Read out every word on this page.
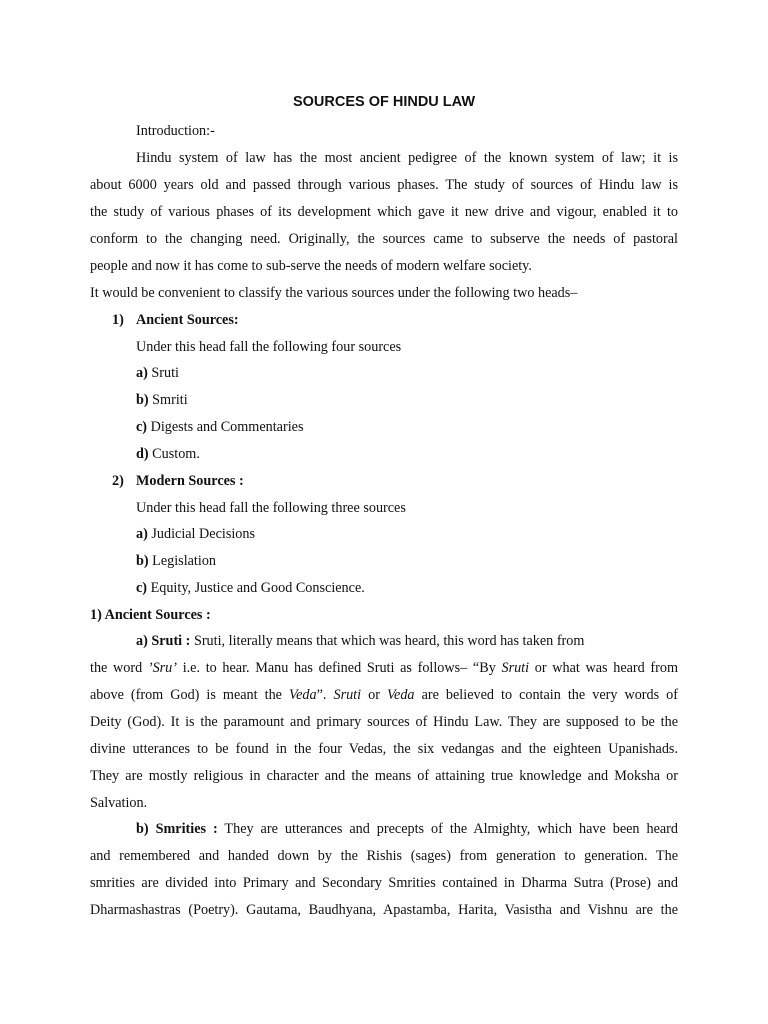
SOURCES OF HINDU LAW
Introduction:-
Hindu system of law has the most ancient pedigree of the known system of law; it is
about 6000 years old and passed through various phases. The study of sources of Hindu law is
the study of various phases of its development which gave it new drive and vigour, enabled it to
conform to the changing need. Originally, the sources came to subserve the needs of pastoral
people and now it has come to sub-serve the needs of modern welfare society.
It would be convenient to classify the various sources under the following two heads–
1) Ancient Sources:
Under this head fall the following four sources
a) Sruti
b) Smriti
c) Digests and Commentaries
d) Custom.
2) Modern Sources :
Under this head fall the following three sources
a) Judicial Decisions
b) Legislation
c) Equity, Justice and Good Conscience.
1) Ancient Sources :
a) Sruti : Sruti, literally means that which was heard, this word has taken from
the word ’Sru’ i.e. to hear. Manu has defined Sruti as follows– “By Sruti or what was heard from
above (from God) is meant the Veda”. Sruti or Veda are believed to contain the very words of
Deity (God). It is the paramount and primary sources of Hindu Law. They are supposed to be the
divine utterances to be found in the four Vedas, the six vedangas and the eighteen Upanishads.
They are mostly religious in character and the means of attaining true knowledge and Moksha or
Salvation.
b) Smrities : They are utterances and precepts of the Almighty, which have been heard
and remembered and handed down by the Rishis (sages) from generation to generation. The
smrities are divided into Primary and Secondary Smrities contained in Dharma Sutra (Prose) and
Dharmashastras (Poetry). Gautama, Baudhyana, Apastamba, Harita, Vasistha and Vishnu are the
